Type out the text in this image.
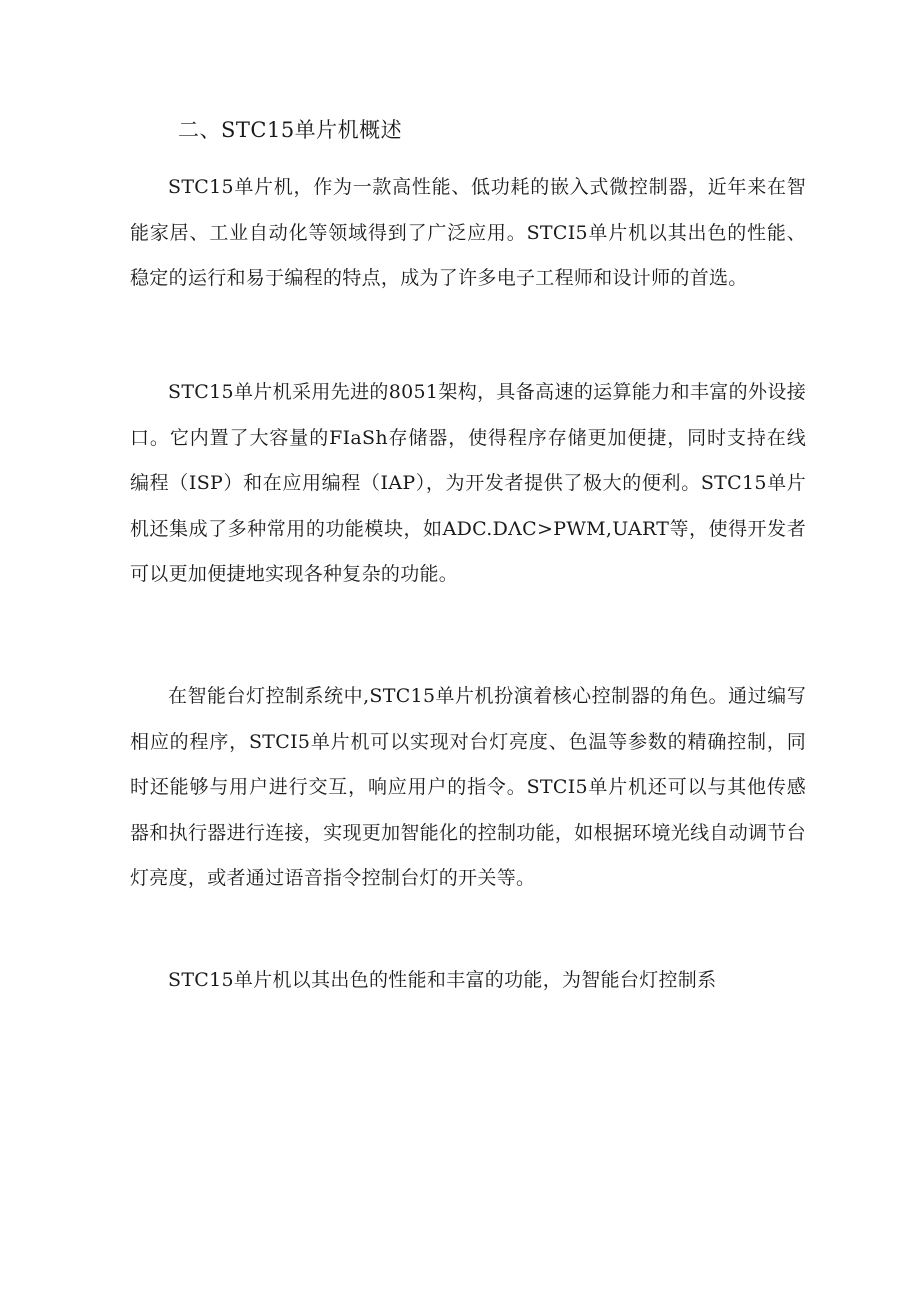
二、STC15单片机概述

STC15单片机，作为一款高性能、低功耗的嵌入式微控制器，近年来在智能家居、工业自动化等领域得到了广泛应用。STCI5单片机以其出色的性能、稳定的运行和易于编程的特点，成为了许多电子工程师和设计师的首选。

STC15单片机采用先进的8051架构，具备高速的运算能力和丰富的外设接口。它内置了大容量的FIaSh存储器，使得程序存储更加便捷，同时支持在线编程（ISP）和在应用编程（IAP），为开发者提供了极大的便利。STC15单片机还集成了多种常用的功能模块，如ADC.DΛC>PWM,UART等，使得开发者可以更加便捷地实现各种复杂的功能。

在智能台灯控制系统中,STC15单片机扮演着核心控制器的角色。通过编写相应的程序，STCI5单片机可以实现对台灯亮度、色温等参数的精确控制，同时还能够与用户进行交互，响应用户的指令。STCI5单片机还可以与其他传感器和执行器进行连接，实现更加智能化的控制功能，如根据环境光线自动调节台灯亮度，或者通过语音指令控制台灯的开关等。

STC15单片机以其出色的性能和丰富的功能，为智能台灯控制系
